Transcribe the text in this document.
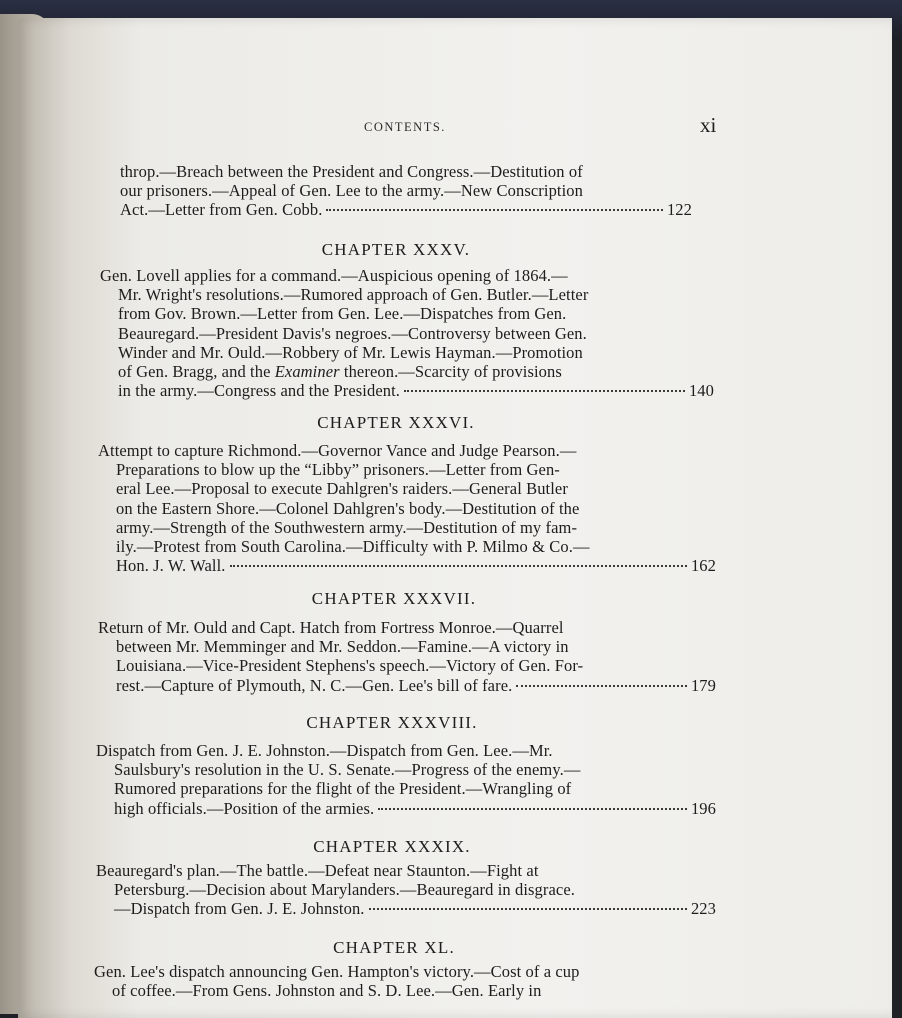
CONTENTS.	xi
throp.—Breach between the President and Congress.—Destitution of
our prisoners.—Appeal of Gen. Lee to the army.—New Conscription
Act.—Letter from Gen. Cobb.	122
CHAPTER XXXV.
Gen. Lovell applies for a command.—Auspicious opening of 1864.—
Mr. Wright's resolutions.—Rumored approach of Gen. Butler.—Letter
from Gov. Brown.—Letter from Gen. Lee.—Dispatches from Gen.
Beauregard.—President Davis's negroes.—Controversy between Gen.
Winder and Mr. Ould.—Robbery of Mr. Lewis Hayman.—Promotion
of Gen. Bragg, and the Examiner thereon.—Scarcity of provisions
in the army.—Congress and the President.	140
CHAPTER XXXVI.
Attempt to capture Richmond.—Governor Vance and Judge Pearson.—
Preparations to blow up the “Libby” prisoners.—Letter from Gen-
eral Lee.—Proposal to execute Dahlgren's raiders.—General Butler
on the Eastern Shore.—Colonel Dahlgren's body.—Destitution of the
army.—Strength of the Southwestern army.—Destitution of my fam-
ily.—Protest from South Carolina.—Difficulty with P. Milmo & Co.—
Hon. J. W. Wall.	162
CHAPTER XXXVII.
Return of Mr. Ould and Capt. Hatch from Fortress Monroe.—Quarrel
between Mr. Memminger and Mr. Seddon.—Famine.—A victory in
Louisiana.—Vice-President Stephens's speech.—Victory of Gen. For-
rest.—Capture of Plymouth, N. C.—Gen. Lee's bill of fare.	179
CHAPTER XXXVIII.
Dispatch from Gen. J. E. Johnston.—Dispatch from Gen. Lee.—Mr.
Saulsbury's resolution in the U. S. Senate.—Progress of the enemy.—
Rumored preparations for the flight of the President.—Wrangling of
high officials.—Position of the armies.	196
CHAPTER XXXIX.
Beauregard's plan.—The battle.—Defeat near Staunton.—Fight at
Petersburg.—Decision about Marylanders.—Beauregard in disgrace.
—Dispatch from Gen. J. E. Johnston.	223
CHAPTER XL.
Gen. Lee's dispatch announcing Gen. Hampton's victory.—Cost of a cup
of coffee.—From Gens. Johnston and S. D. Lee.—Gen. Early in
